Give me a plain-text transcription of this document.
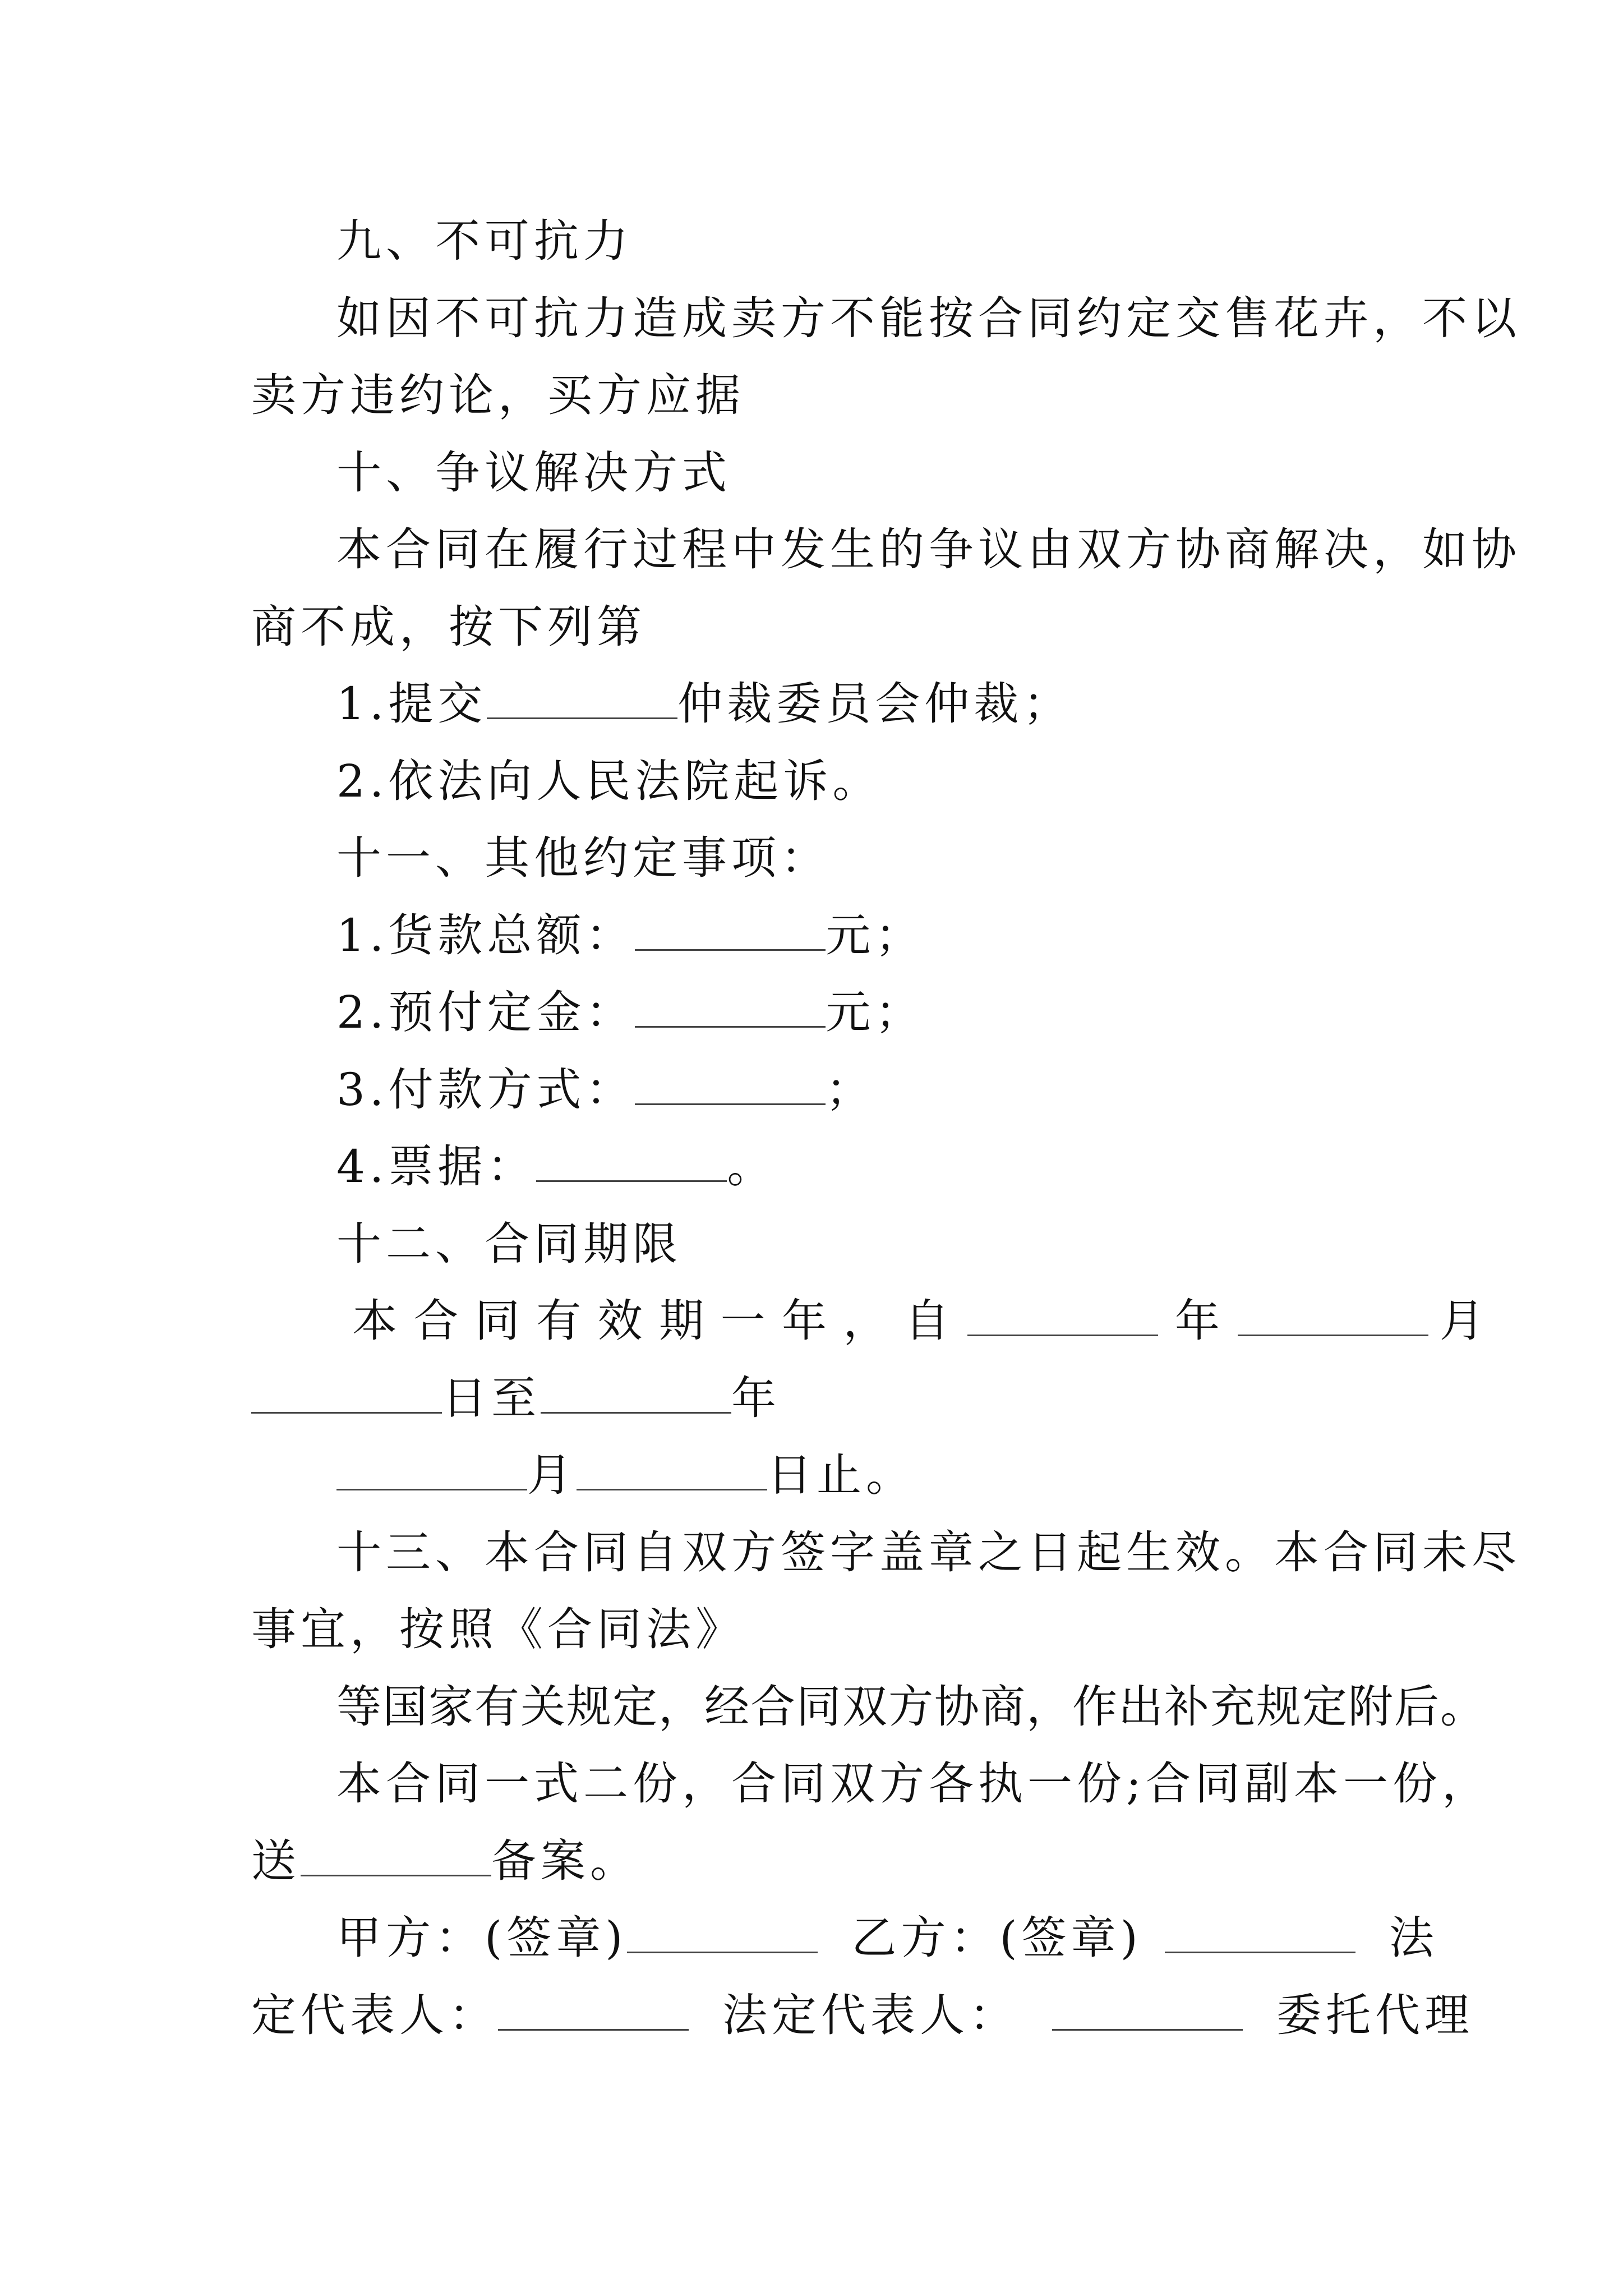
九、不可抗力
如因不可抗力造成卖方不能按合同约定交售花卉，不以
卖方违约论，买方应据
十、争议解决方式
本合同在履行过程中发生的争议由双方协商解决，如协
商不成，按下列第
1.提交	仲裁委员会仲裁；
2.依法向人民法院起诉。
十一、其他约定事项：
1.货款总额：	元；
2.预付定金：	元；
3.付款方式：	；
4.票据：	。
十二、合同期限
本 合 同 有 效 期 一 年 ， 自	年	月
日至	年
月	日止。
十三、本合同自双方签字盖章之日起生效。本合同未尽
事宜，按照《合同法》
等国家有关规定，经合同双方协商，作出补充规定附后。
本合同一式二份，合同双方各执一份;合同副本一份，
送	备案。
甲方：(签章)	乙方：(签章)	法
定代表人：	法定代表人：	委托代理
